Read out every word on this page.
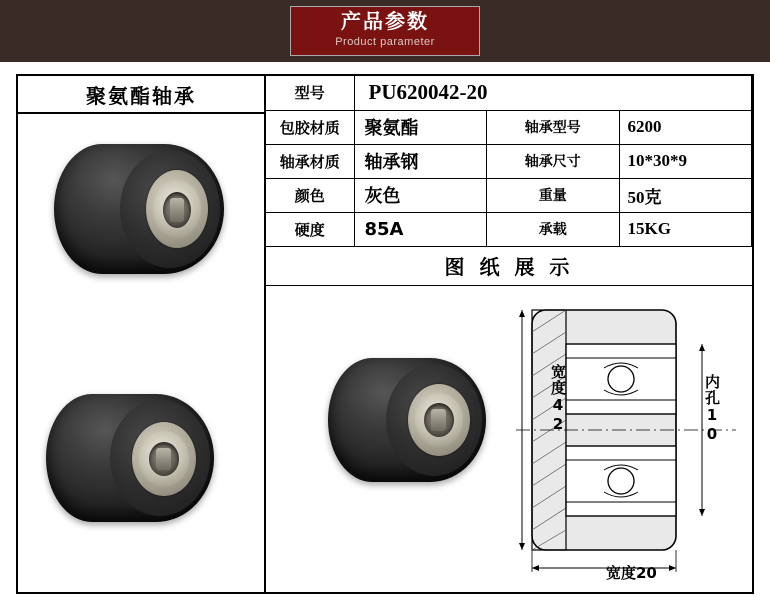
产品参数
Product parameter
聚氨酯轴承	型号	PU620042-20		
包胶材质	聚氨酯	轴承型号	6200
轴承材质	轴承钢	轴承尺寸	10*30*9
颜色	灰色	重量	50克
硬度	85A	承载	15KG
图 纸 展 示
宽度42	内孔10
宽度20
